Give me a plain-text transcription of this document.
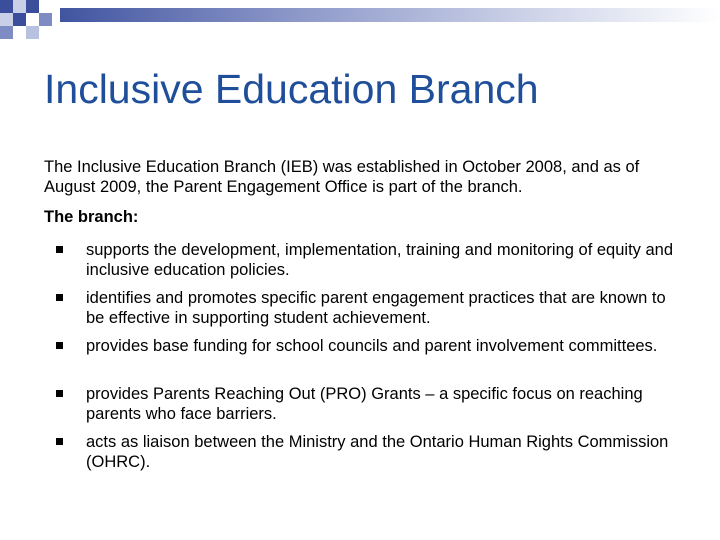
Inclusive Education Branch

The Inclusive Education Branch (IEB) was established in October 2008, and as of August 2009, the Parent Engagement Office is part of the branch.

The branch:

supports the development, implementation, training and monitoring of equity and inclusive education policies.
identifies and promotes specific parent engagement practices that are known to be effective in supporting student achievement.
provides base funding for school councils and parent involvement committees.
provides Parents Reaching Out (PRO) Grants – a specific focus on reaching parents who face barriers.
acts as liaison between the Ministry and the Ontario Human Rights Commission (OHRC).
